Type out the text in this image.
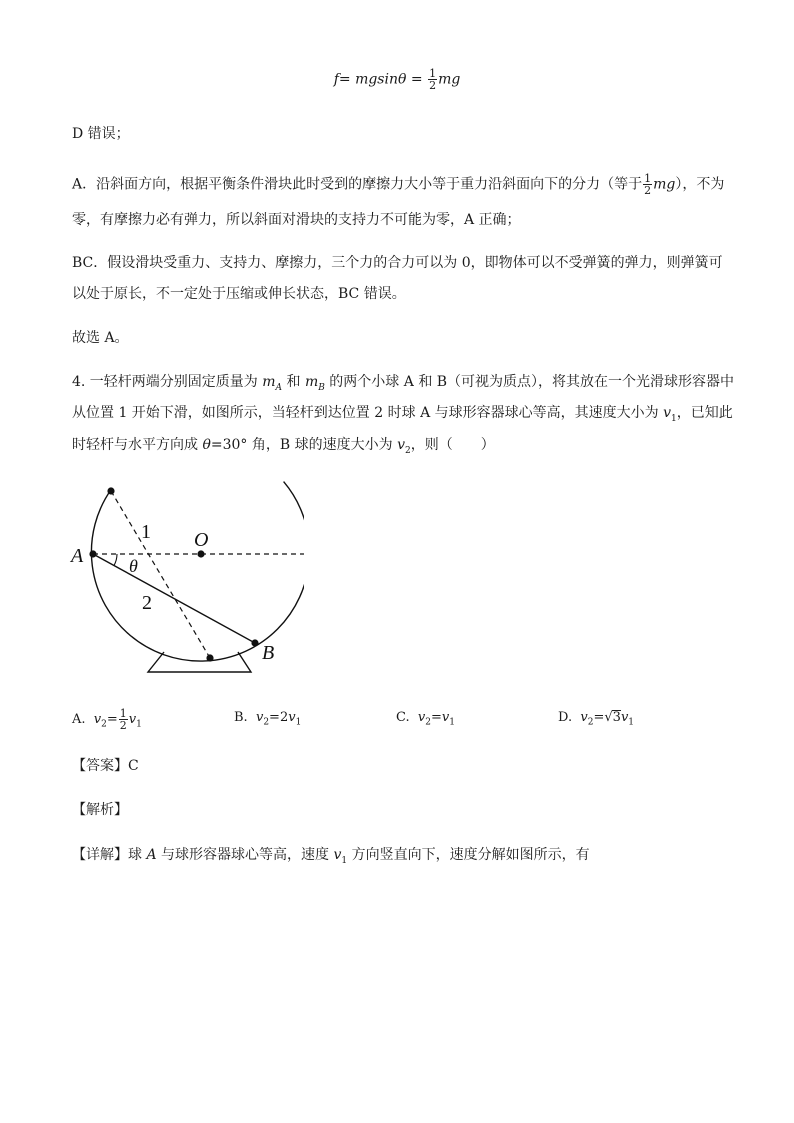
$f= mgsin\theta = \frac{1}{2}$ mg
D 错误；
A．沿斜面方向，根据平衡条件滑块此时受到的摩擦力大小等于重力沿斜面向下的分力（等于 $\frac{1}{2} mg$），不为
零，有摩擦力必有弹力，所以斜面对滑块的支持力不可能为零，A 正确；
BC．假设滑块受重力、支持力、摩擦力，三个力的合力可以为 0，即物体可以不受弹簧的弹力，则弹簧可
以处于原长，不一定处于压缩或伸长状态，BC 错误。
故选 A。
4. 一轻杆两端分别固定质量为 $m_A$ 和 $m_B$ 的两个小球 A 和 B（可视为质点），将其放在一个光滑球形容器中
从位置 1 开始下滑，如图所示，当轻杆到达位置 2 时球 A 与球形容器球心等高，其速度大小为 $v_1$，已知此
时轻杆与水平方向成 θ=30° 角，B 球的速度大小为 $v_2$，则（　　）
A
B
O
1
2
θ
A. $v_2= \frac{1}{2} v_1$	B. $v_2=2v_1$	C. $v_2=v_1$	D. $v_2=√3v_1$
【答案】C
【解析】
【详解】球 A 与球形容器球心等高，速度 $v_1$ 方向竖直向下，速度分解如图所示，有
